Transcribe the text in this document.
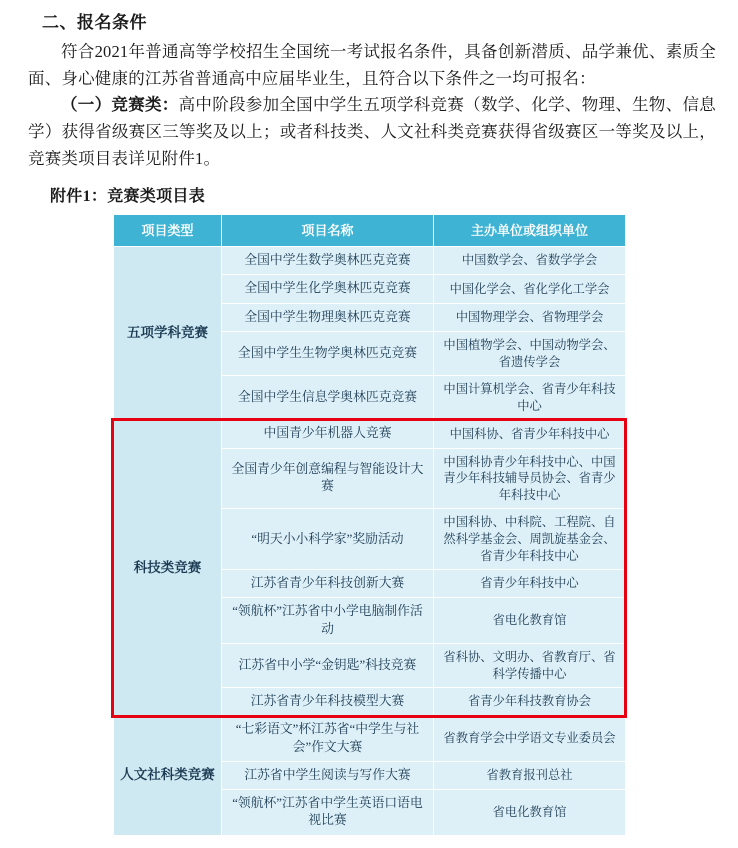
二、报名条件

符合2021年普通高等学校招生全国统一考试报名条件，具备创新潜质、品学兼优、素质全面、身心健康的江苏省普通高中应届毕业生，且符合以下条件之一均可报名：

（一）竞赛类：高中阶段参加全国中学生五项学科竞赛（数学、化学、物理、生物、信息学）获得省级赛区三等奖及以上；或者科技类、人文社科类竞赛获得省级赛区一等奖及以上，竞赛类项目表详见附件1。

附件1：竞赛类项目表
项目类型	项目名称	主办单位或组织单位
五项学科竞赛	全国中学生数学奥林匹克竞赛	中国数学会、省数学学会
	全国中学生化学奥林匹克竞赛	中国化学会、省化学化工学会
	全国中学生物理奥林匹克竞赛	中国物理学会、省物理学会
	全国中学生生物学奥林匹克竞赛	中国植物学会、中国动物学会、省遗传学会
	全国中学生信息学奥林匹克竞赛	中国计算机学会、省青少年科技中心
科技类竞赛	中国青少年机器人竞赛	中国科协、省青少年科技中心
	全国青少年创意编程与智能设计大赛	中国科协青少年科技中心、中国青少年科技辅导员协会、省青少年科技中心
	“明天小小科学家”奖励活动	中国科协、中科院、工程院、自然科学基金会、周凯旋基金会、省青少年科技中心
	江苏省青少年科技创新大赛	省青少年科技中心
	“领航杯”江苏省中小学电脑制作活动	省电化教育馆
	江苏省中小学“金钥匙”科技竞赛	省科协、文明办、省教育厅、省科学传播中心
	江苏省青少年科技模型大赛	省青少年科技教育协会
人文社科类竞赛	“七彩语文”杯江苏省“中学生与社会”作文大赛	省教育学会中学语文专业委员会
	江苏省中学生阅读与写作大赛	省教育报刊总社
	“领航杯”江苏省中学生英语口语电视比赛	省电化教育馆
